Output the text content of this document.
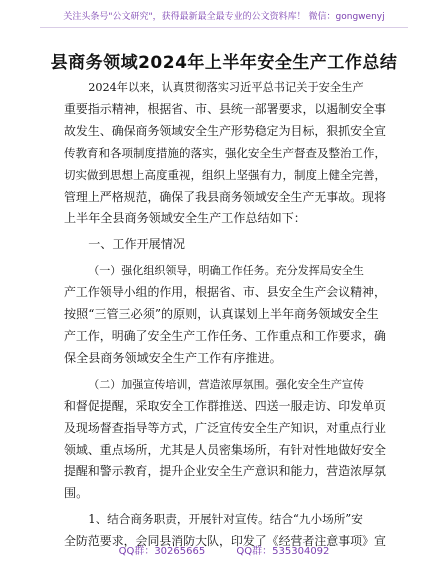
关注头条号"公文研究"，获得最新最全最专业的公文资料库！ 微信：gongwenyj
县商务领域2024年上半年安全生产工作总结

2024年以来，认真贯彻落实习近平总书记关于安全生产
重要指示精神，根据省、市、县统一部署要求，以遏制安全事
故发生、确保商务领域安全生产形势稳定为目标，狠抓安全宣
传教育和各项制度措施的落实，强化安全生产督查及整治工作，
切实做到思想上高度重视，组织上坚强有力，制度上健全完善，
管理上严格规范，确保了我县商务领域安全生产无事故。现将
上半年全县商务领域安全生产工作总结如下：

一、工作开展情况

（一）强化组织领导，明确工作任务。充分发挥局安全生
产工作领导小组的作用，根据省、市、县安全生产会议精神，
按照“三管三必须”的原则，认真谋划上半年商务领域安全生
产工作，明确了安全生产工作任务、工作重点和工作要求，确
保全县商务领域安全生产工作有序推进。

（二）加强宣传培训，营造浓厚氛围。强化安全生产宣传
和督促提醒，采取安全工作群推送、四送一服走访、印发单页
及现场督查指导等方式，广泛宣传安全生产知识，对重点行业
领域、重点场所，尤其是人员密集场所，有针对性地做好安全
提醒和警示教育，提升企业安全生产意识和能力，营造浓厚氛
围。

1、结合商务职责，开展针对宣传。结合“九小场所”安
全防范要求，会同县消防大队，印发了《经营者注意事项》宣

QQ群：30265665	QQ群：535304092
